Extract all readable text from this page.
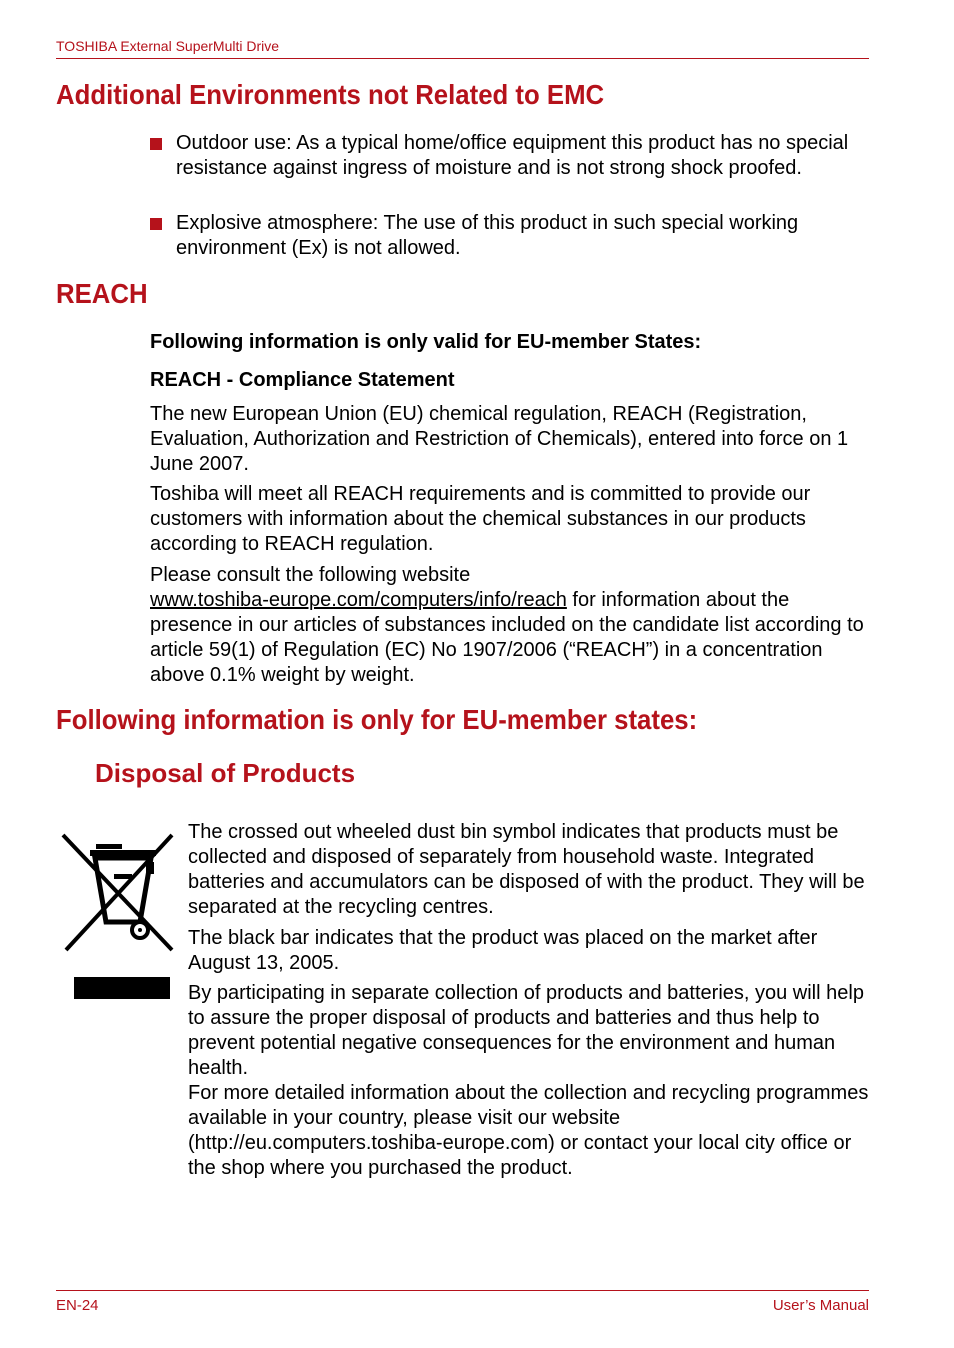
TOSHIBA External SuperMulti Drive
Additional Environments not Related to EMC

Outdoor use: As a typical home/office equipment this product has no special resistance against ingress of moisture and is not strong shock proofed.

Explosive atmosphere: The use of this product in such special working environment (Ex) is not allowed.

REACH
Following information is only valid for EU-member States:
REACH - Compliance Statement

The new European Union (EU) chemical regulation, REACH (Registration, Evaluation, Authorization and Restriction of Chemicals), entered into force on 1 June 2007.

Toshiba will meet all REACH requirements and is committed to provide our customers with information about the chemical substances in our products according to REACH regulation.

Please consult the following website
www.toshiba-europe.com/computers/info/reach for information about the presence in our articles of substances included on the candidate list according to article 59(1) of Regulation (EC) No 1907/2006 (“REACH”) in a concentration above 0.1% weight by weight.

Following information is only for EU-member states:
Disposal of Products

The crossed out wheeled dust bin symbol indicates that products must be collected and disposed of separately from household waste. Integrated batteries and accumulators can be disposed of with the product. They will be separated at the recycling centres.

The black bar indicates that the product was placed on the market after August 13, 2005.

By participating in separate collection of products and batteries, you will help to assure the proper disposal of products and batteries and thus help to prevent potential negative consequences for the environment and human health.

For more detailed information about the collection and recycling programmes available in your country, please visit our website (http://eu.computers.toshiba-europe.com) or contact your local city office or the shop where you purchased the product.

EN-24	User’s Manual
